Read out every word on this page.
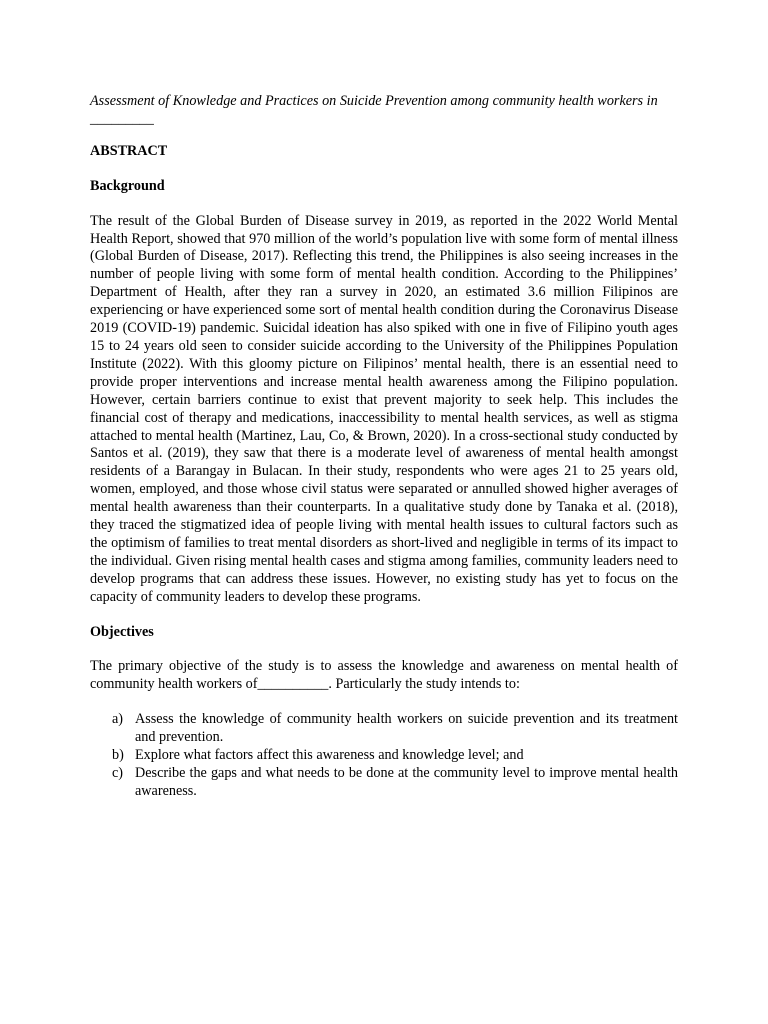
Assessment of Knowledge and Practices on Suicide Prevention among community health workers in _________

ABSTRACT

Background

The result of the Global Burden of Disease survey in 2019, as reported in the 2022 World Mental Health Report, showed that 970 million of the world’s population live with some form of mental illness (Global Burden of Disease, 2017). Reflecting this trend, the Philippines is also seeing increases in the number of people living with some form of mental health condition. According to the Philippines’ Department of Health, after they ran a survey in 2020, an estimated 3.6 million Filipinos are experiencing or have experienced some sort of mental health condition during the Coronavirus Disease 2019 (COVID-19) pandemic. Suicidal ideation has also spiked with one in five of Filipino youth ages 15 to 24 years old seen to consider suicide according to the University of the Philippines Population Institute (2022). With this gloomy picture on Filipinos’ mental health, there is an essential need to provide proper interventions and increase mental health awareness among the Filipino population. However, certain barriers continue to exist that prevent majority to seek help. This includes the financial cost of therapy and medications, inaccessibility to mental health services, as well as stigma attached to mental health (Martinez, Lau, Co, & Brown, 2020). In a cross-sectional study conducted by Santos et al. (2019), they saw that there is a moderate level of awareness of mental health amongst residents of a Barangay in Bulacan. In their study, respondents who were ages 21 to 25 years old, women, employed, and those whose civil status were separated or annulled showed higher averages of mental health awareness than their counterparts. In a qualitative study done by Tanaka et al. (2018), they traced the stigmatized idea of people living with mental health issues to cultural factors such as the optimism of families to treat mental disorders as short-lived and negligible in terms of its impact to the individual. Given rising mental health cases and stigma among families, community leaders need to develop programs that can address these issues. However, no existing study has yet to focus on the capacity of community leaders to develop these programs.

Objectives

The primary objective of the study is to assess the knowledge and awareness on mental health of community health workers of__________. Particularly the study intends to:

a) Assess the knowledge of community health workers on suicide prevention and its treatment and prevention.
b) Explore what factors affect this awareness and knowledge level; and
c) Describe the gaps and what needs to be done at the community level to improve mental health awareness.
